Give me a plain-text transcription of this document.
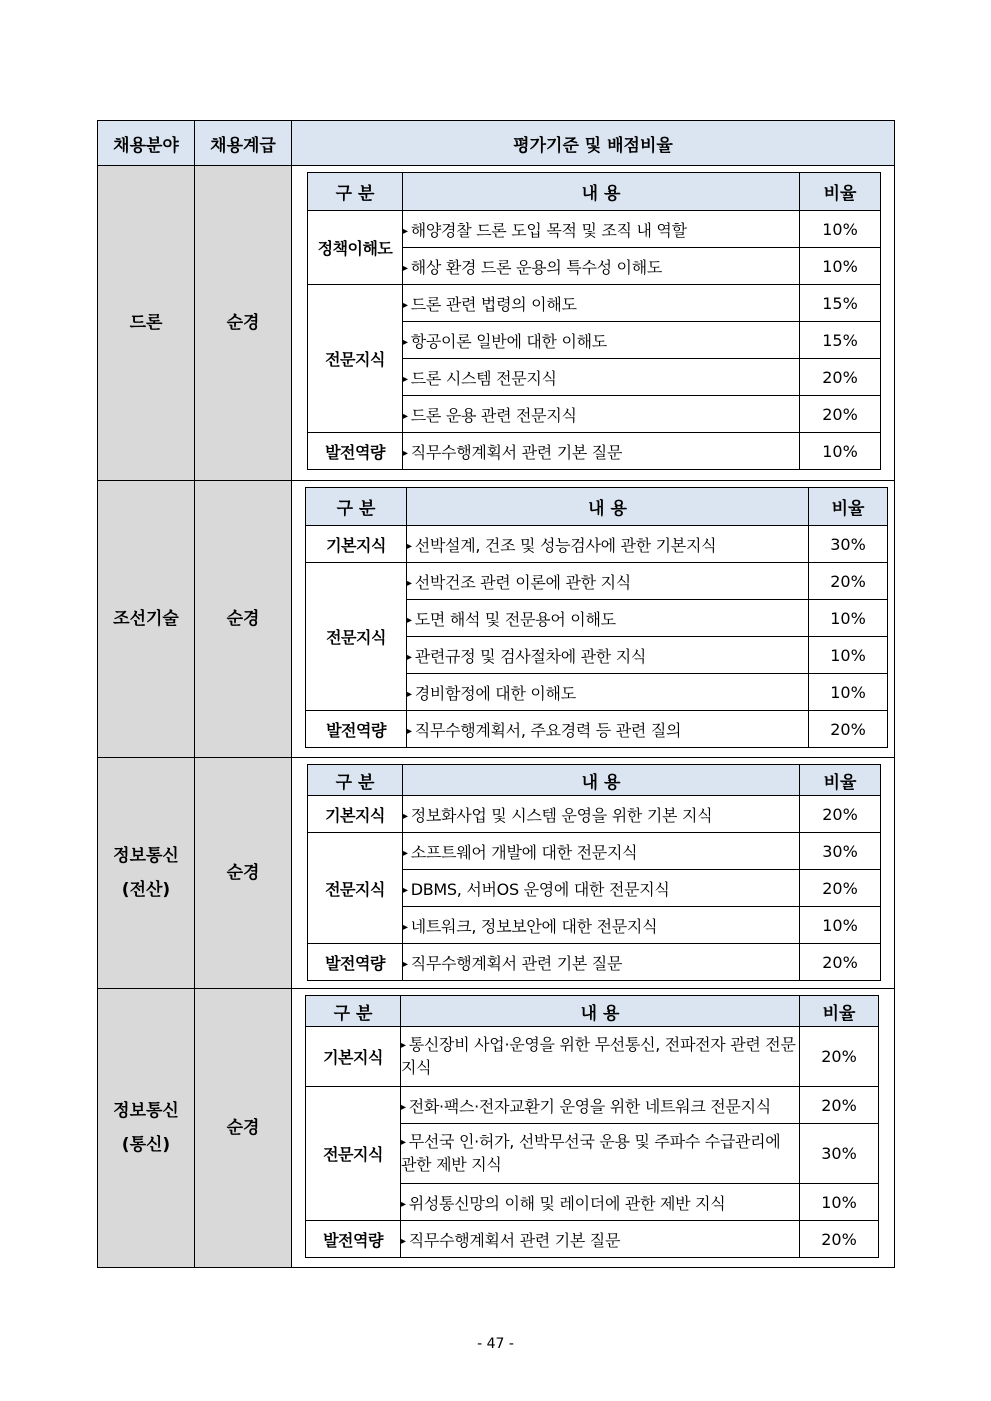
채용분야	채용계급	평가기준 및 배점비율
드론	순경	
구 분	내 용	비율
정책이해도	▸ 해양경찰 드론 도입 목적 및 조직 내 역할	10%
▸ 해상 환경 드론 운용의 특수성 이해도	10%
전문지식	▸ 드론 관련 법령의 이해도	15%
▸ 항공이론 일반에 대한 이해도	15%
▸ 드론 시스템 전문지식	20%
▸ 드론 운용 관련 전문지식	20%
발전역량	▸ 직무수행계획서 관련 기본 질문	10%

조선기술	순경	
구 분	내 용	비율
기본지식	▸ 선박설계, 건조 및 성능검사에 관한 기본지식	30%
전문지식	▸ 선박건조 관련 이론에 관한 지식	20%
▸ 도면 해석 및 전문용어 이해도	10%
▸ 관련규정 및 검사절차에 관한 지식	10%
▸ 경비함정에 대한 이해도	10%
발전역량	▸ 직무수행계획서, 주요경력 등 관련 질의	20%

정보통신
(전산)	순경	
구 분	내 용	비율
기본지식	▸ 정보화사업 및 시스템 운영을 위한 기본 지식	20%
전문지식	▸ 소프트웨어 개발에 대한 전문지식	30%
▸ DBMS, 서버OS 운영에 대한 전문지식	20%
▸ 네트워크, 정보보안에 대한 전문지식	10%
발전역량	▸ 직무수행계획서 관련 기본 질문	20%

정보통신
(통신)	순경	
구 분	내 용	비율
기본지식	▸ 통신장비 사업·운영을 위한 무선통신, 전파전자 관련 전문지식	20%
전문지식	▸ 전화·팩스·전자교환기 운영을 위한 네트워크 전문지식	20%
▸ 무선국 인·허가, 선박무선국 운용 및 주파수 수급관리에 관한 제반 지식	30%
▸ 위성통신망의 이해 및 레이더에 관한 제반 지식	10%
발전역량	▸ 직무수행계획서 관련 기본 질문	20%
- 47 -
